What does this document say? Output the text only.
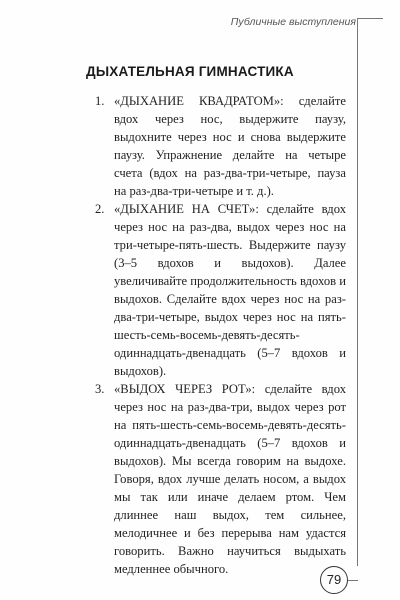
Публичные выступления
ДЫХАТЕЛЬНАЯ ГИМНАСТИКА
1. «ДЫХАНИЕ КВАДРАТОМ»: сделайте вдох через нос, выдержите паузу, выдохните через нос и снова выдержите паузу. Упражнение делайте на четыре счета (вдох на раз-два-три-четыре, пауза на раз-два-три-четыре и т. д.).

2. «ДЫХАНИЕ НА СЧЕТ»: сделайте вдох через нос на раз-два, выдох через нос на три-четыре-пять-шесть. Выдержите паузу (3–5 вдохов и выдохов). Далее увеличивайте продолжительность вдохов и выдохов. Сделайте вдох через нос на раз-два-три-четыре, выдох через нос на пять-шесть-семь-восемь-девять-десять-одиннадцать-двенадцать (5–7 вдохов и выдохов).

3. «ВЫДОХ ЧЕРЕЗ РОТ»: сделайте вдох через нос на раз-два-три, выдох через рот на пять-шесть-семь-восемь-девять-десять-одиннадцать-двенадцать (5–7 вдохов и выдохов). Мы всегда говорим на выдохе. Говоря, вдох лучше делать носом, а выдох мы так или иначе делаем ртом. Чем длиннее наш выдох, тем сильнее, мелодичнее и без перерыва нам удастся говорить. Важно научиться выдыхать медленнее обычного.

79
